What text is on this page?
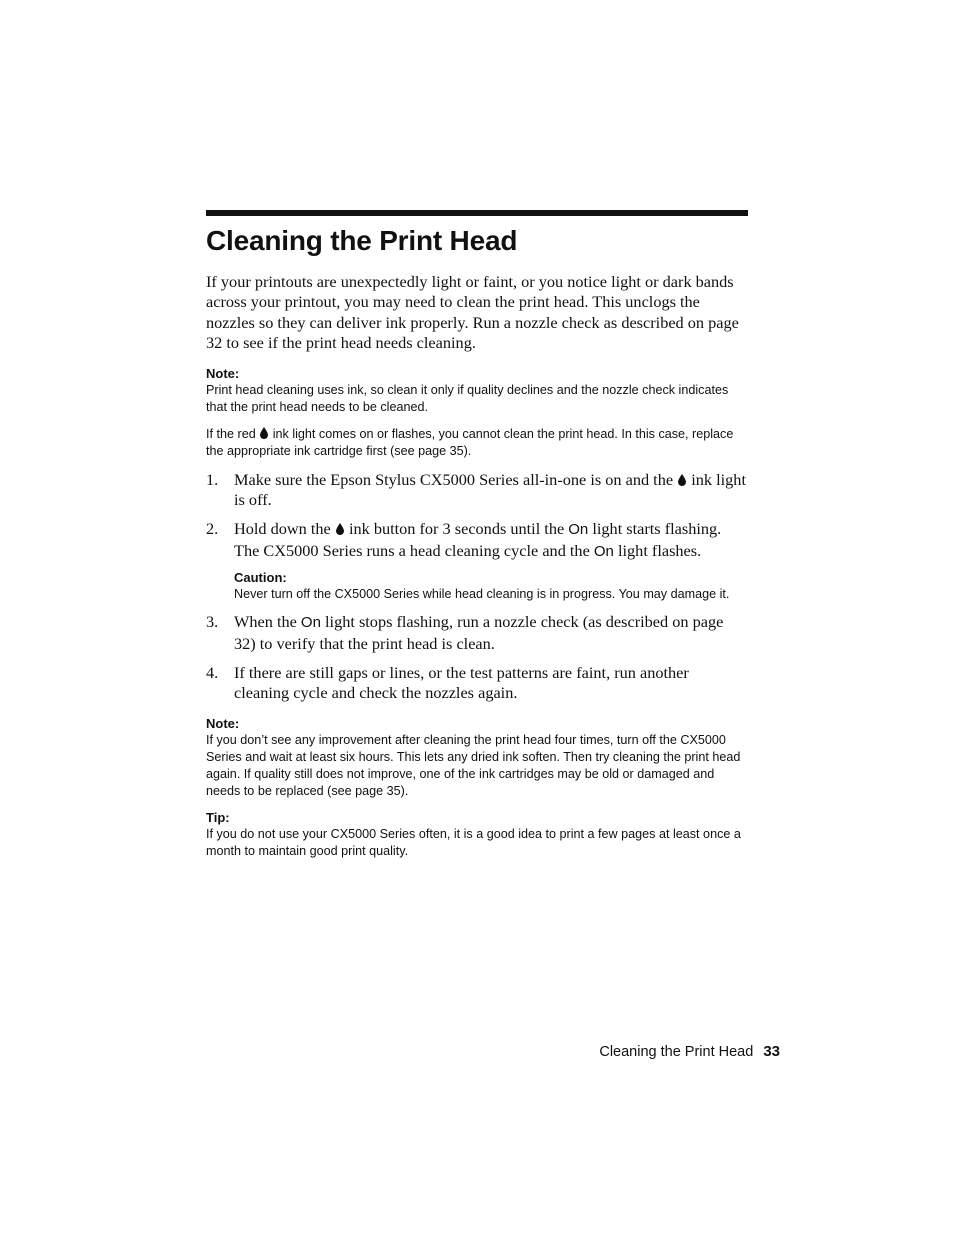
Cleaning the Print Head

If your printouts are unexpectedly light or faint, or you notice light or dark bands across your printout, you may need to clean the print head. This unclogs the nozzles so they can deliver ink properly. Run a nozzle check as described on page 32 to see if the print head needs cleaning.

Note:

Print head cleaning uses ink, so clean it only if quality declines and the nozzle check indicates that the print head needs to be cleaned.

If the red ink light comes on or flashes, you cannot clean the print head. In this case, replace the appropriate ink cartridge first (see page 35).

1. Make sure the Epson Stylus CX5000 Series all-in-one is on and the ink light is off.

2. Hold down the ink button for 3 seconds until the On light starts flashing. The CX5000 Series runs a head cleaning cycle and the On light flashes.

Caution:

Never turn off the CX5000 Series while head cleaning is in progress. You may damage it.

3. When the On light stops flashing, run a nozzle check (as described on page 32) to verify that the print head is clean.

4. If there are still gaps or lines, or the test patterns are faint, run another cleaning cycle and check the nozzles again.

Note:

If you don’t see any improvement after cleaning the print head four times, turn off the CX5000 Series and wait at least six hours. This lets any dried ink soften. Then try cleaning the print head again. If quality still does not improve, one of the ink cartridges may be old or damaged and needs to be replaced (see page 35).

Tip:

If you do not use your CX5000 Series often, it is a good idea to print a few pages at least once a month to maintain good print quality.

Cleaning the Print Head 33
